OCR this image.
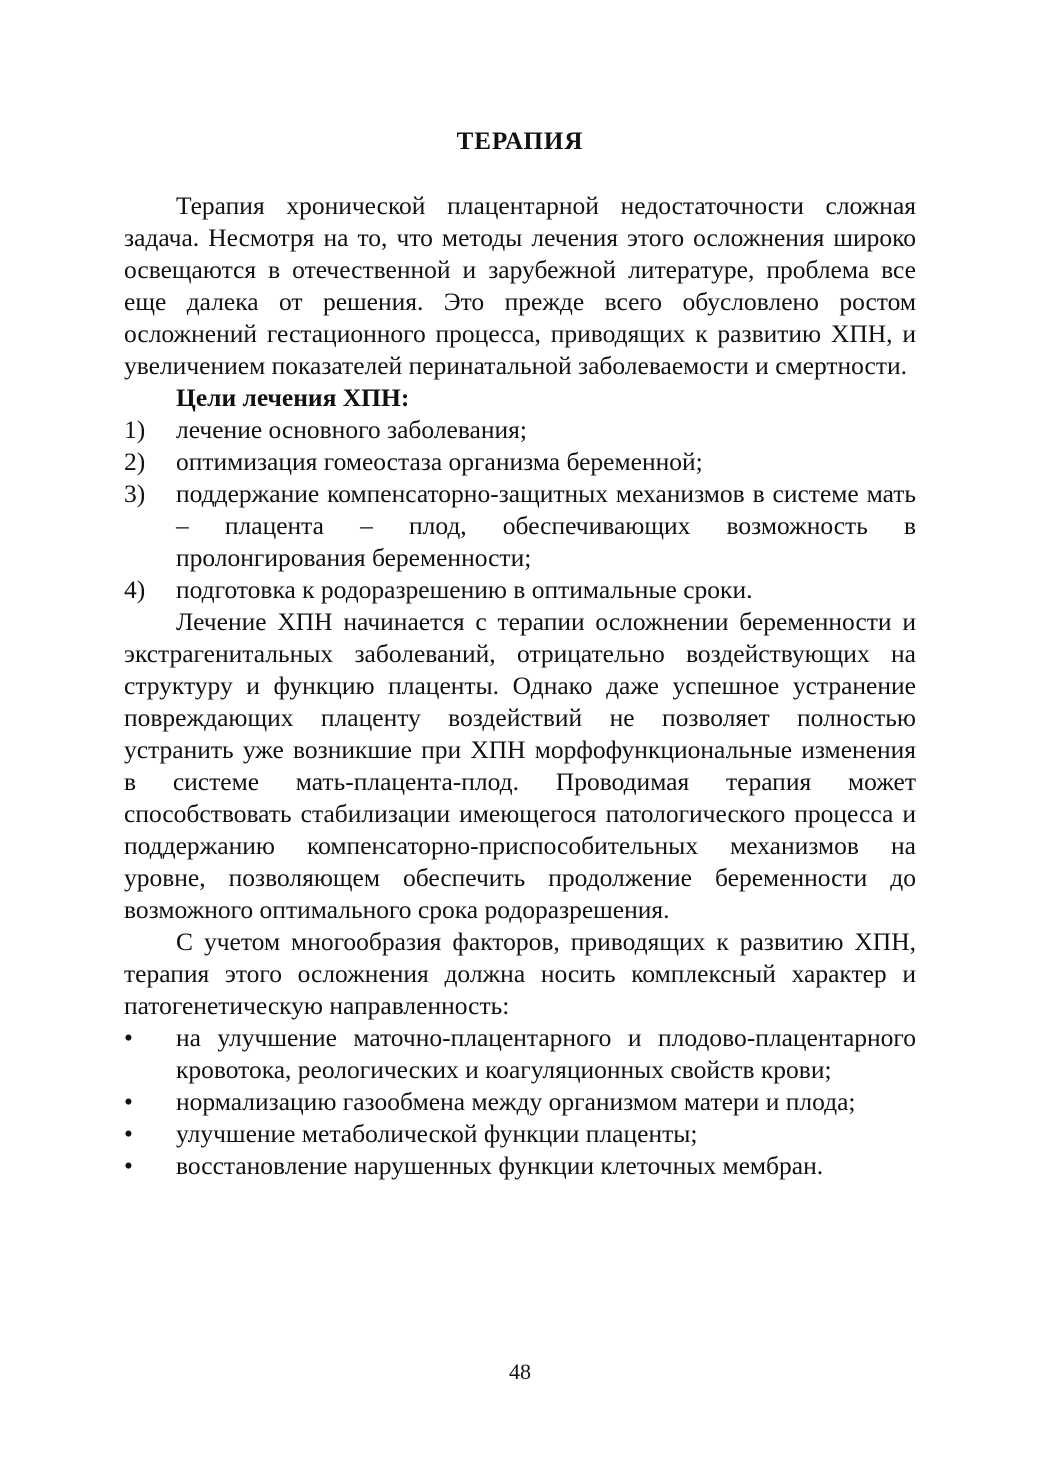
ТЕРАПИЯ

Терапия хронической плацентарной недостаточности сложная задача. Несмотря на то, что методы лечения этого осложнения широко освещаются в отечественной и зарубежной литературе, проблема все еще далека от решения. Это прежде всего обусловлено ростом осложнений гестационного процесса, приводящих к развитию ХПН, и увеличением показателей перинатальной заболеваемости и смертности.

Цели лечения ХПН:

1) лечение основного заболевания;
2) оптимизация гомеостаза организма беременной;
3) поддержание компенсаторно-защитных механизмов в системе мать – плацента – плод, обеспечивающих возможность в пролонгирования беременности;
4) подготовка к родоразрешению в оптимальные сроки.

Лечение ХПН начинается с терапии осложнении беременности и экстрагенитальных заболеваний, отрицательно воздействующих на структуру и функцию плаценты. Однако даже успешное устранение повреждающих плаценту воздействий не позволяет полностью устранить уже возникшие при ХПН морфофункциональные изменения в системе мать-плацента-плод. Проводимая терапия может способствовать стабилизации имеющегося патологического процесса и поддержанию компенсаторно-приспособительных механизмов на уровне, позволяющем обеспечить продолжение беременности до возможного оптимального срока родоразрешения.

С учетом многообразия факторов, приводящих к развитию ХПН, терапия этого осложнения должна носить комплексный характер и патогенетическую направленность:

• на улучшение маточно-плацентарного и плодово-плацентарного кровотока, реологических и коагуляционных свойств крови;
• нормализацию газообмена между организмом матери и плода;
• улучшение метаболической функции плаценты;
• восстановление нарушенных функции клеточных мембран.
48
